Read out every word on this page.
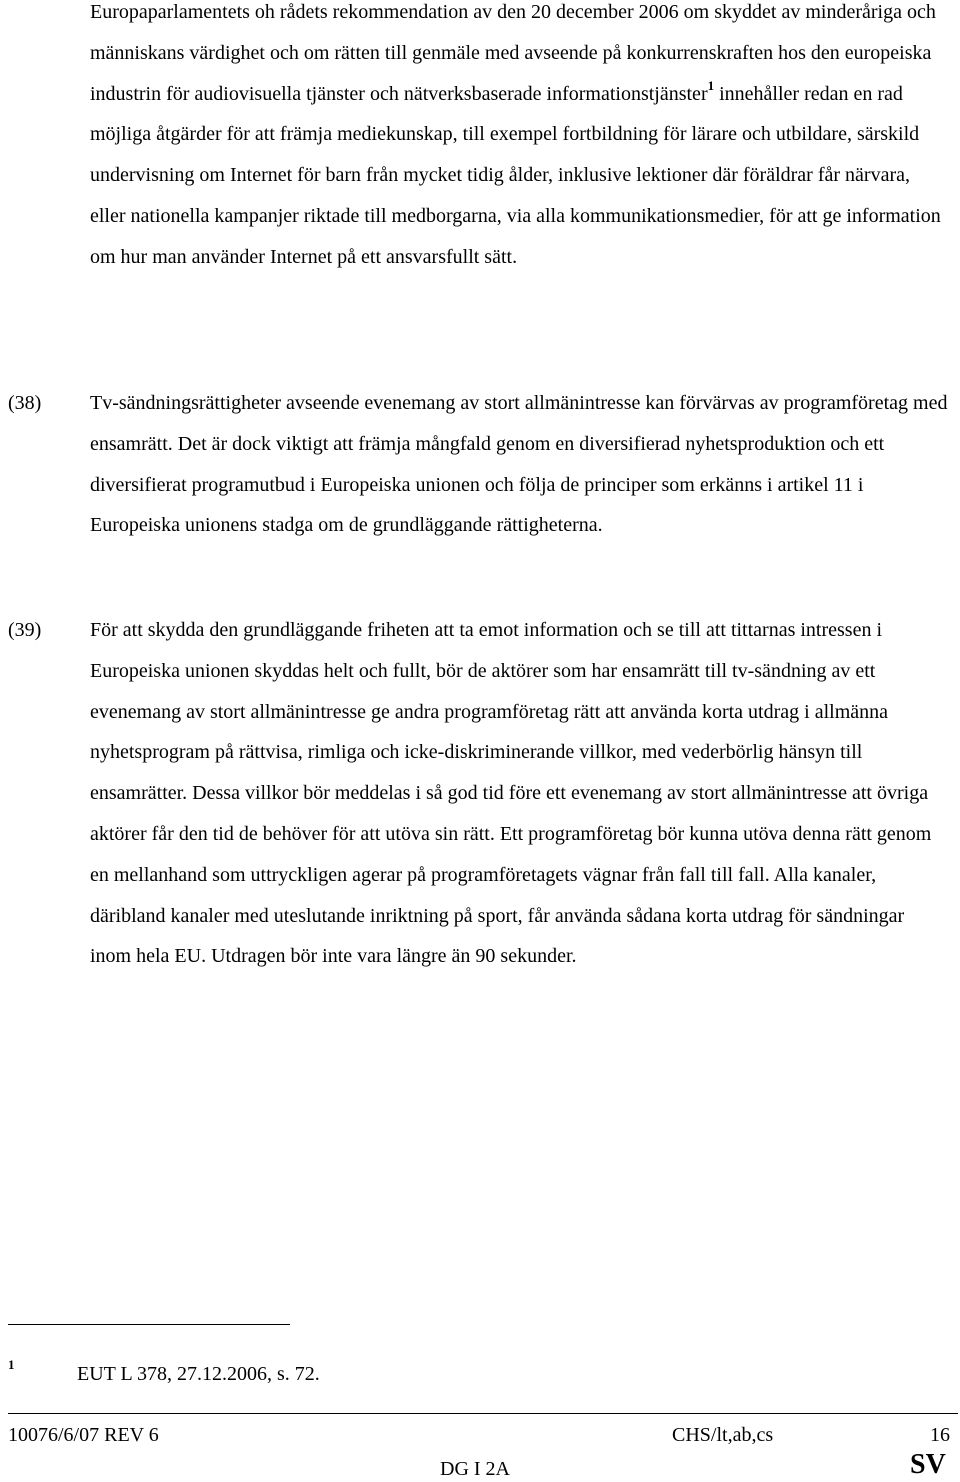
Europaparlamentets oh rådets rekommendation av den 20 december 2006 om skyddet av minderåriga och människans värdighet och om rätten till genmäle med avseende på konkurrenskraften hos den europeiska industrin för audiovisuella tjänster och nätverksbaserade informationstjänster$^1$ innehåller redan en rad möjliga åtgärder för att främja mediekunskap, till exempel fortbildning för lärare och utbildare, särskild undervisning om Internet för barn från mycket tidig ålder, inklusive lektioner där föräldrar får närvara, eller nationella kampanjer riktade till medborgarna, via alla kommunikationsmedier, för att ge information om hur man använder Internet på ett ansvarsfullt sätt.
(38) Tv-sändningsrättigheter avseende evenemang av stort allmänintresse kan förvärvas av programföretag med ensamrätt. Det är dock viktigt att främja mångfald genom en diversifierad nyhetsproduktion och ett diversifierat programutbud i Europeiska unionen och följa de principer som erkänns i artikel 11 i Europeiska unionens stadga om de grundläggande rättigheterna.
(39) För att skydda den grundläggande friheten att ta emot information och se till att tittarnas intressen i Europeiska unionen skyddas helt och fullt, bör de aktörer som har ensamrätt till tv-sändning av ett evenemang av stort allmänintresse ge andra programföretag rätt att använda korta utdrag i allmänna nyhetsprogram på rättvisa, rimliga och icke-diskriminerande villkor, med vederbörlig hänsyn till ensamrätter. Dessa villkor bör meddelas i så god tid före ett evenemang av stort allmänintresse att övriga aktörer får den tid de behöver för att utöva sin rätt. Ett programföretag bör kunna utöva denna rätt genom en mellanhand som uttryckligen agerar på programföretagets vägnar från fall till fall. Alla kanaler, däribland kanaler med uteslutande inriktning på sport, får använda sådana korta utdrag för sändningar inom hela EU. Utdragen bör inte vara längre än 90 sekunder.
1	EUT L 378, 27.12.2006, s. 72.
10076/6/07 REV 6	CHS/lt,ab,cs	16
DG I 2A	SV
